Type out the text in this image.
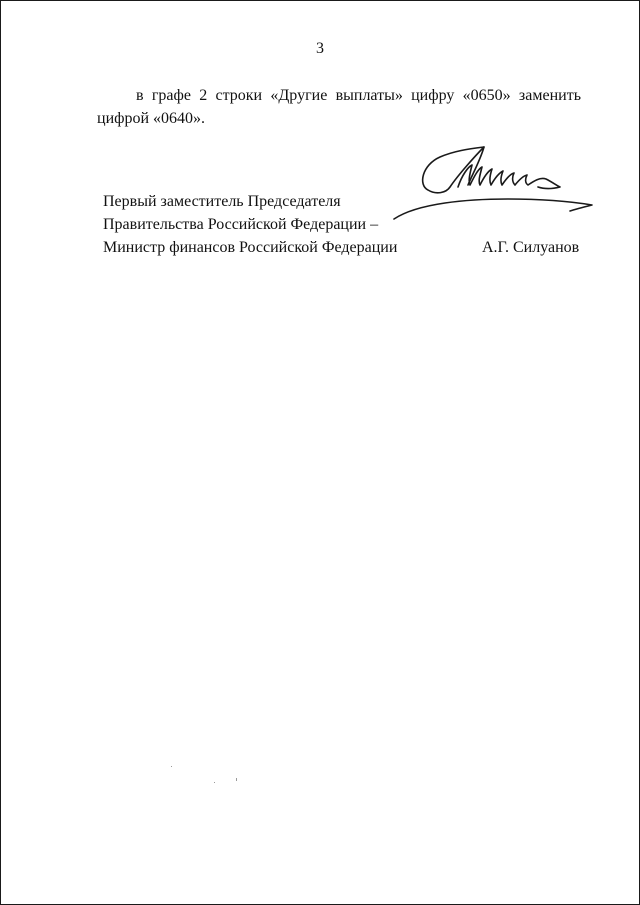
3
в графе 2 строки «Другие выплаты» цифру «0650» заменить цифрой «0640».
Первый заместитель Председателя
Правительства Российской Федерации –
Министр финансов Российской Федерации	А.Г. Силуанов
